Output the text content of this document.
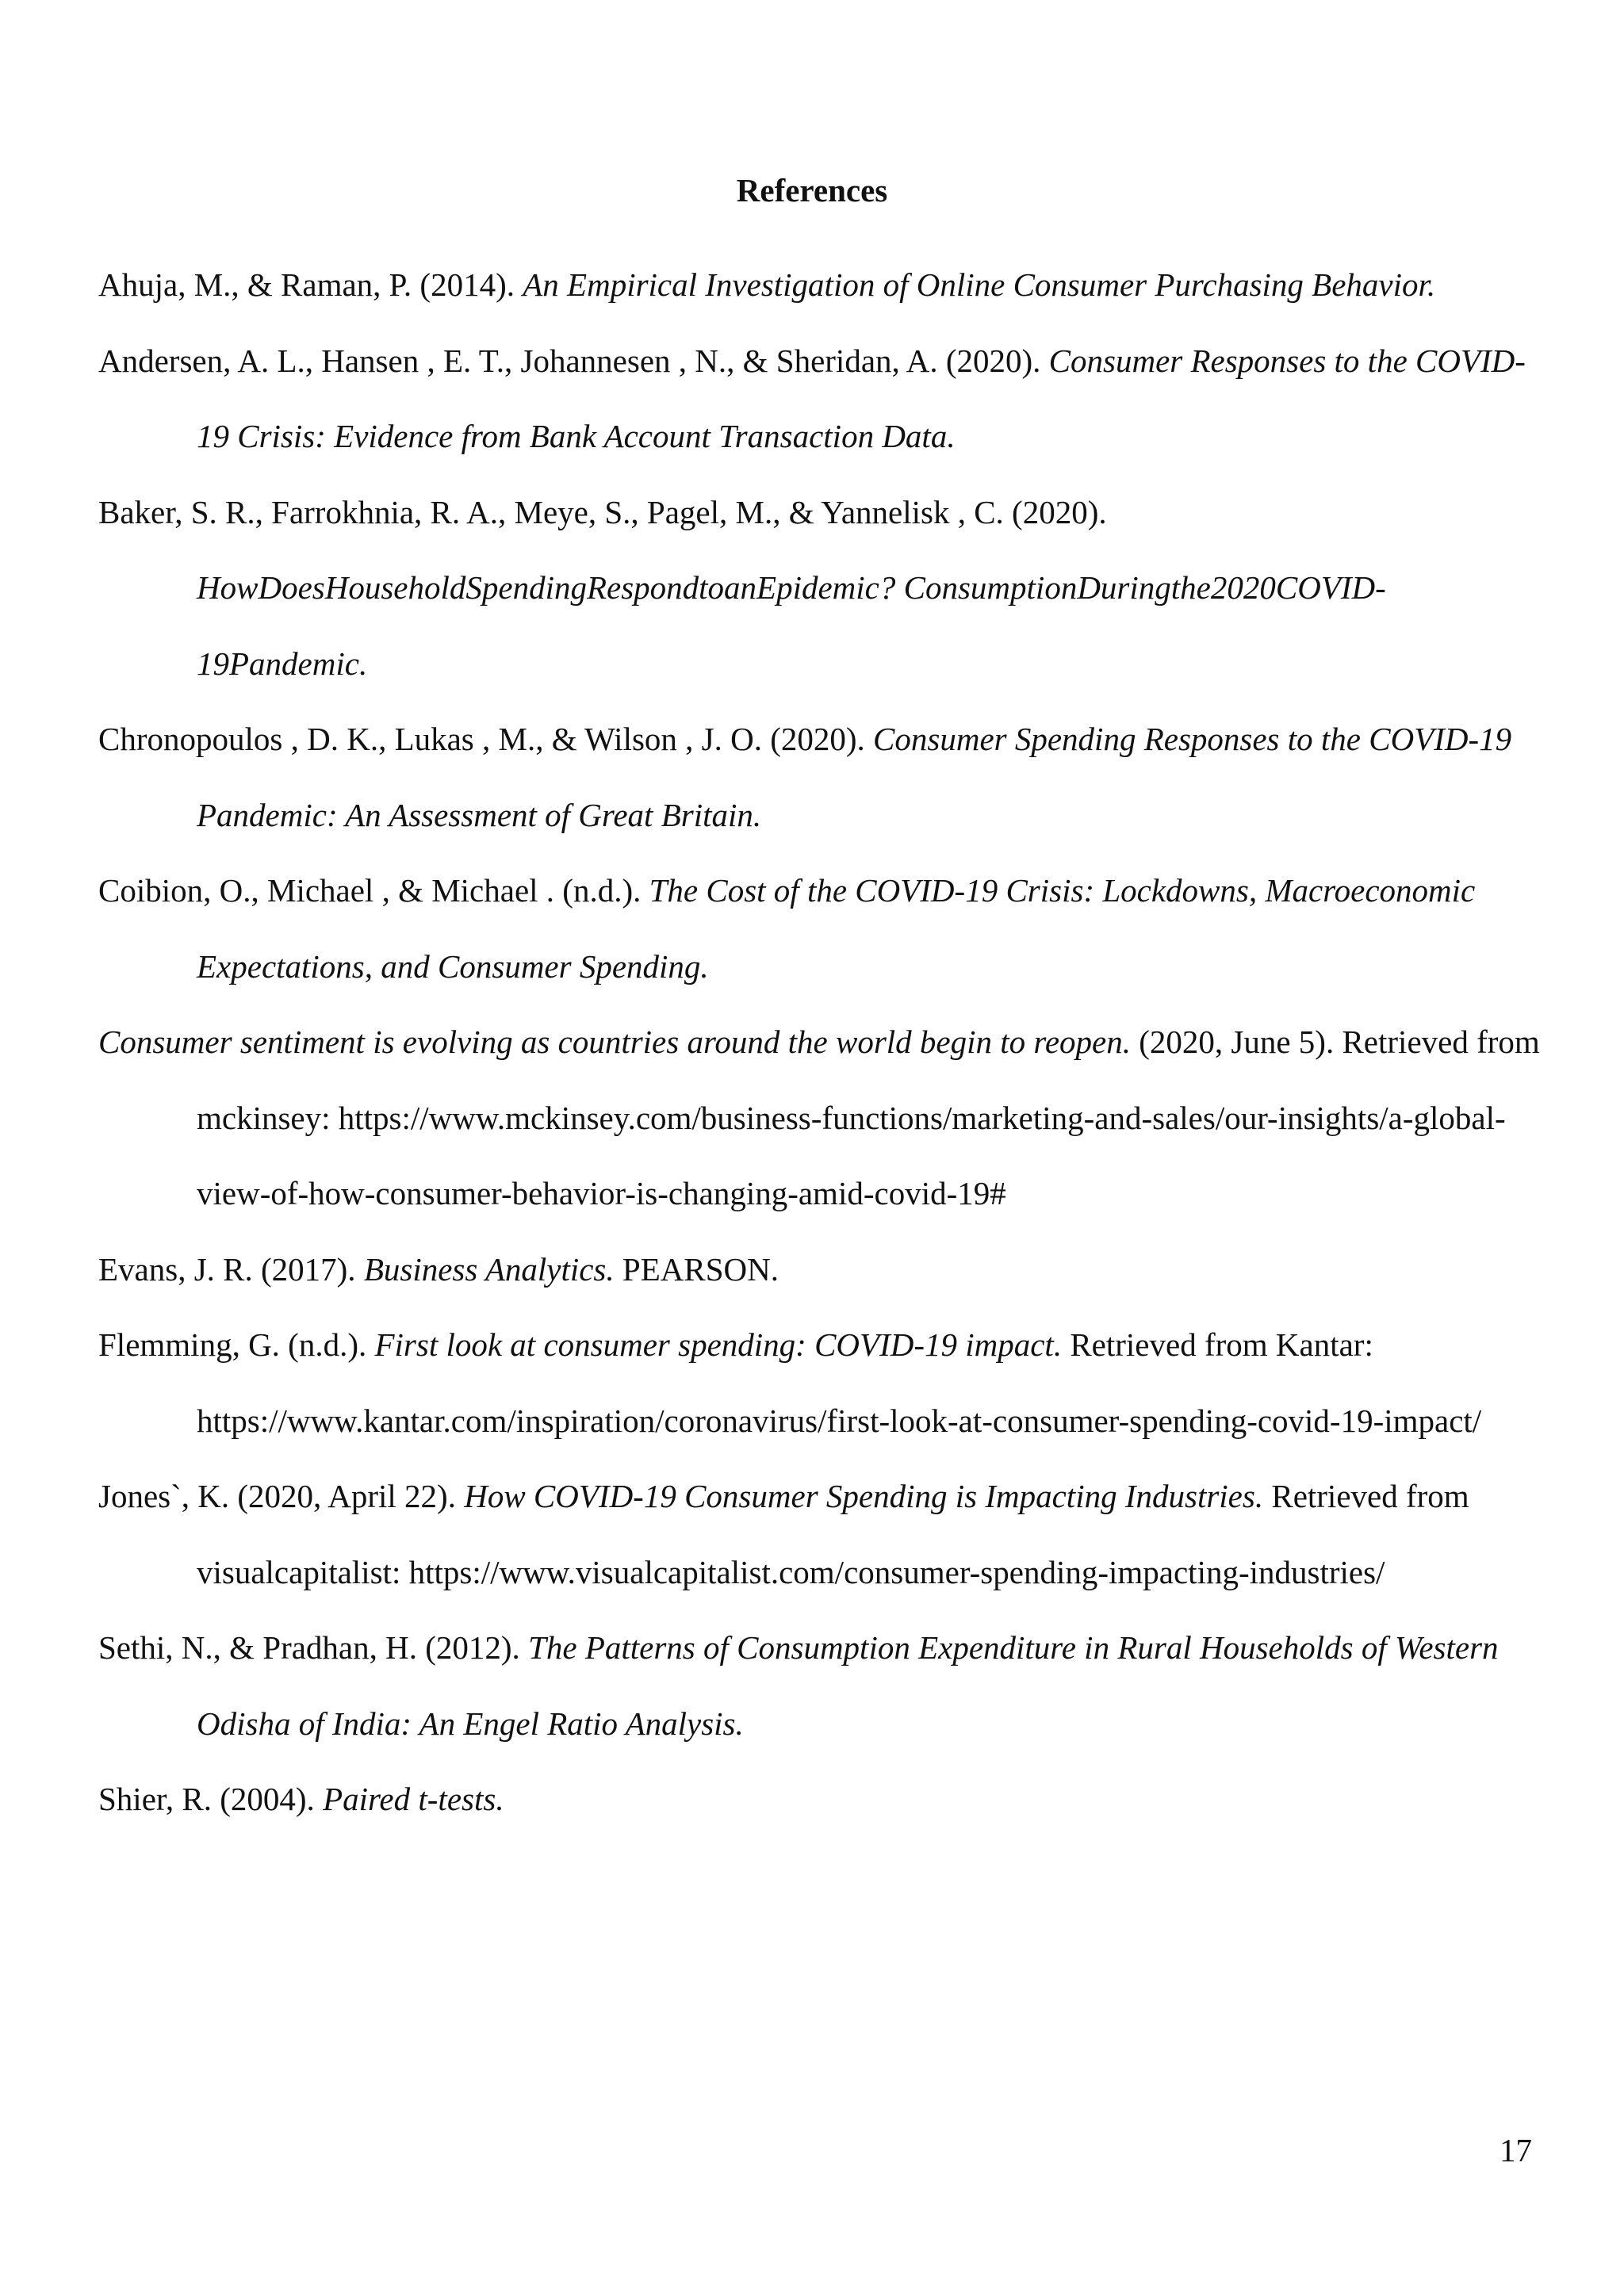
References

Ahuja, M., & Raman, P. (2014). An Empirical Investigation of Online Consumer Purchasing Behavior.

Andersen, A. L., Hansen , E. T., Johannesen , N., & Sheridan, A. (2020). Consumer Responses to the COVID-19 Crisis: Evidence from Bank Account Transaction Data.

Baker, S. R., Farrokhnia, R. A., Meye, S., Pagel, M., & Yannelisk , C. (2020). HowDoesHouseholdSpendingRespondtoanEpidemic? ConsumptionDuringthe2020COVID-19Pandemic.

Chronopoulos , D. K., Lukas , M., & Wilson , J. O. (2020). Consumer Spending Responses to the COVID-19 Pandemic: An Assessment of Great Britain.

Coibion, O., Michael , & Michael . (n.d.). The Cost of the COVID-19 Crisis: Lockdowns, Macroeconomic Expectations, and Consumer Spending.

Consumer sentiment is evolving as countries around the world begin to reopen. (2020, June 5). Retrieved from mckinsey: https://www.mckinsey.com/business-functions/marketing-and-sales/our-insights/a-global-view-of-how-consumer-behavior-is-changing-amid-covid-19#

Evans, J. R. (2017). Business Analytics. PEARSON.

Flemming, G. (n.d.). First look at consumer spending: COVID-19 impact. Retrieved from Kantar: https://www.kantar.com/inspiration/coronavirus/first-look-at-consumer-spending-covid-19-impact/

Jones`, K. (2020, April 22). How COVID-19 Consumer Spending is Impacting Industries. Retrieved from visualcapitalist: https://www.visualcapitalist.com/consumer-spending-impacting-industries/

Sethi, N., & Pradhan, H. (2012). The Patterns of Consumption Expenditure in Rural Households of Western Odisha of India: An Engel Ratio Analysis.

Shier, R. (2004). Paired t-tests.

17
